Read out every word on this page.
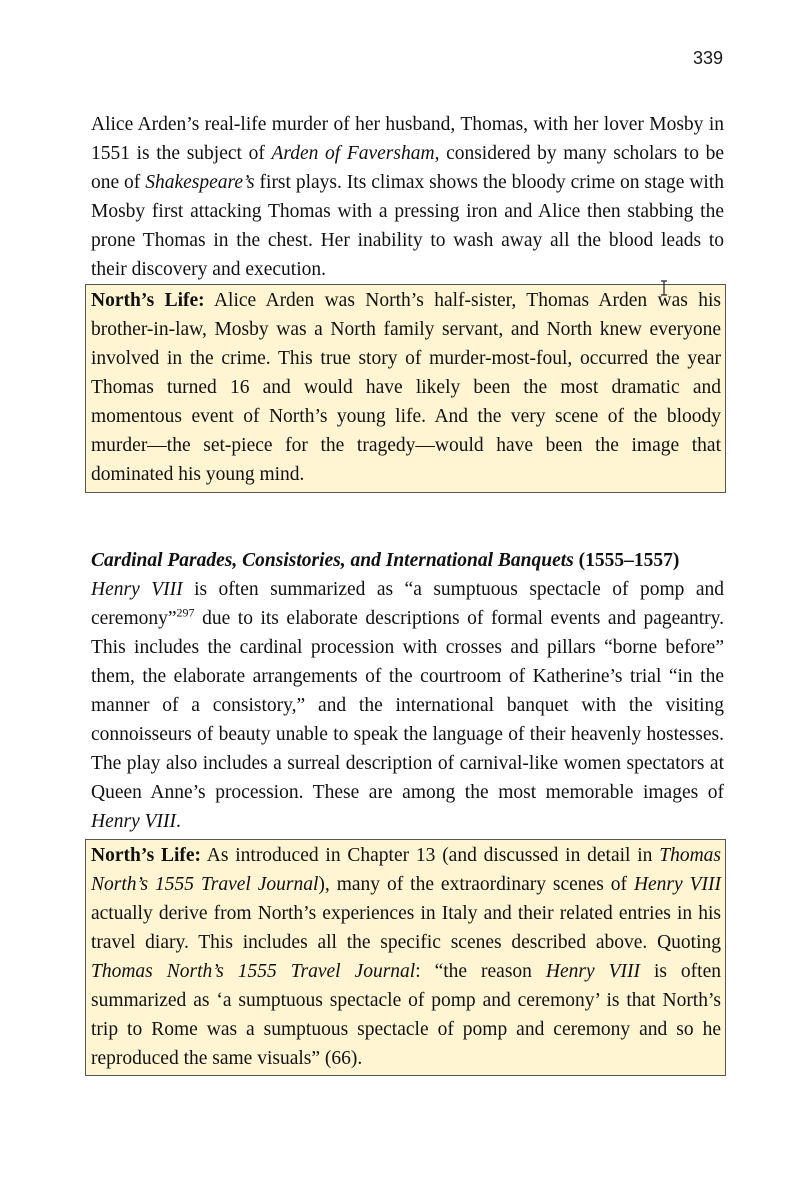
339

Alice Arden’s real-life murder of her husband, Thomas, with her lover Mosby in 1551 is the subject of Arden of Faversham, considered by many scholars to be one of Shakespeare’s first plays. Its climax shows the bloody crime on stage with Mosby first attacking Thomas with a pressing iron and Alice then stabbing the prone Thomas in the chest. Her inability to wash away all the blood leads to their discovery and execution.

North’s Life: Alice Arden was North’s half-sister, Thomas Arden was his brother-in-law, Mosby was a North family servant, and North knew everyone involved in the crime. This true story of murder-most-foul, occurred the year Thomas turned 16 and would have likely been the most dramatic and momentous event of North’s young life. And the very scene of the bloody murder—the set-piece for the tragedy—would have been the image that dominated his young mind.

Cardinal Parades, Consistories, and International Banquets (1555–1557)

Henry VIII is often summarized as “a sumptuous spectacle of pomp and ceremony”$^{297}$ due to its elaborate descriptions of formal events and pageantry. This includes the cardinal procession with crosses and pillars “borne before” them, the elaborate arrangements of the courtroom of Katherine’s trial “in the manner of a consistory,” and the international banquet with the visiting connoisseurs of beauty unable to speak the language of their heavenly hostesses. The play also includes a surreal description of carnival-like women spectators at Queen Anne’s procession. These are among the most memorable images of Henry VIII.

North’s Life: As introduced in Chapter 13 (and discussed in detail in Thomas North’s 1555 Travel Journal), many of the extraordinary scenes of Henry VIII actually derive from North’s experiences in Italy and their related entries in his travel diary. This includes all the specific scenes described above. Quoting Thomas North’s 1555 Travel Journal: “the reason Henry VIII is often summarized as ‘a sumptuous spectacle of pomp and ceremony’ is that North’s trip to Rome was a sumptuous spectacle of pomp and ceremony and so he reproduced the same visuals” (66).
